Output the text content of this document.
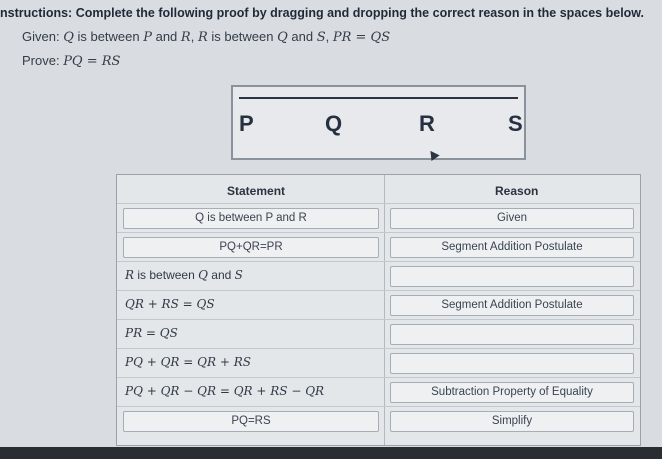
nstructions: Complete the following proof by dragging and dropping the correct reason in the spaces below.
Given: Q is between P and R, R is between Q and S, PR = QS
Prove: PQ = RS
P	Q	R	S
Statement	Reason
Q is between P and R	Given
PQ+QR=PR	Segment Addition Postulate
R is between Q and S
QR + RS = QS	Segment Addition Postulate
PR = QS
PQ + QR = QR + RS
PQ + QR − QR = QR + RS − QR	Subtraction Property of Equality
PQ=RS	Simplify
